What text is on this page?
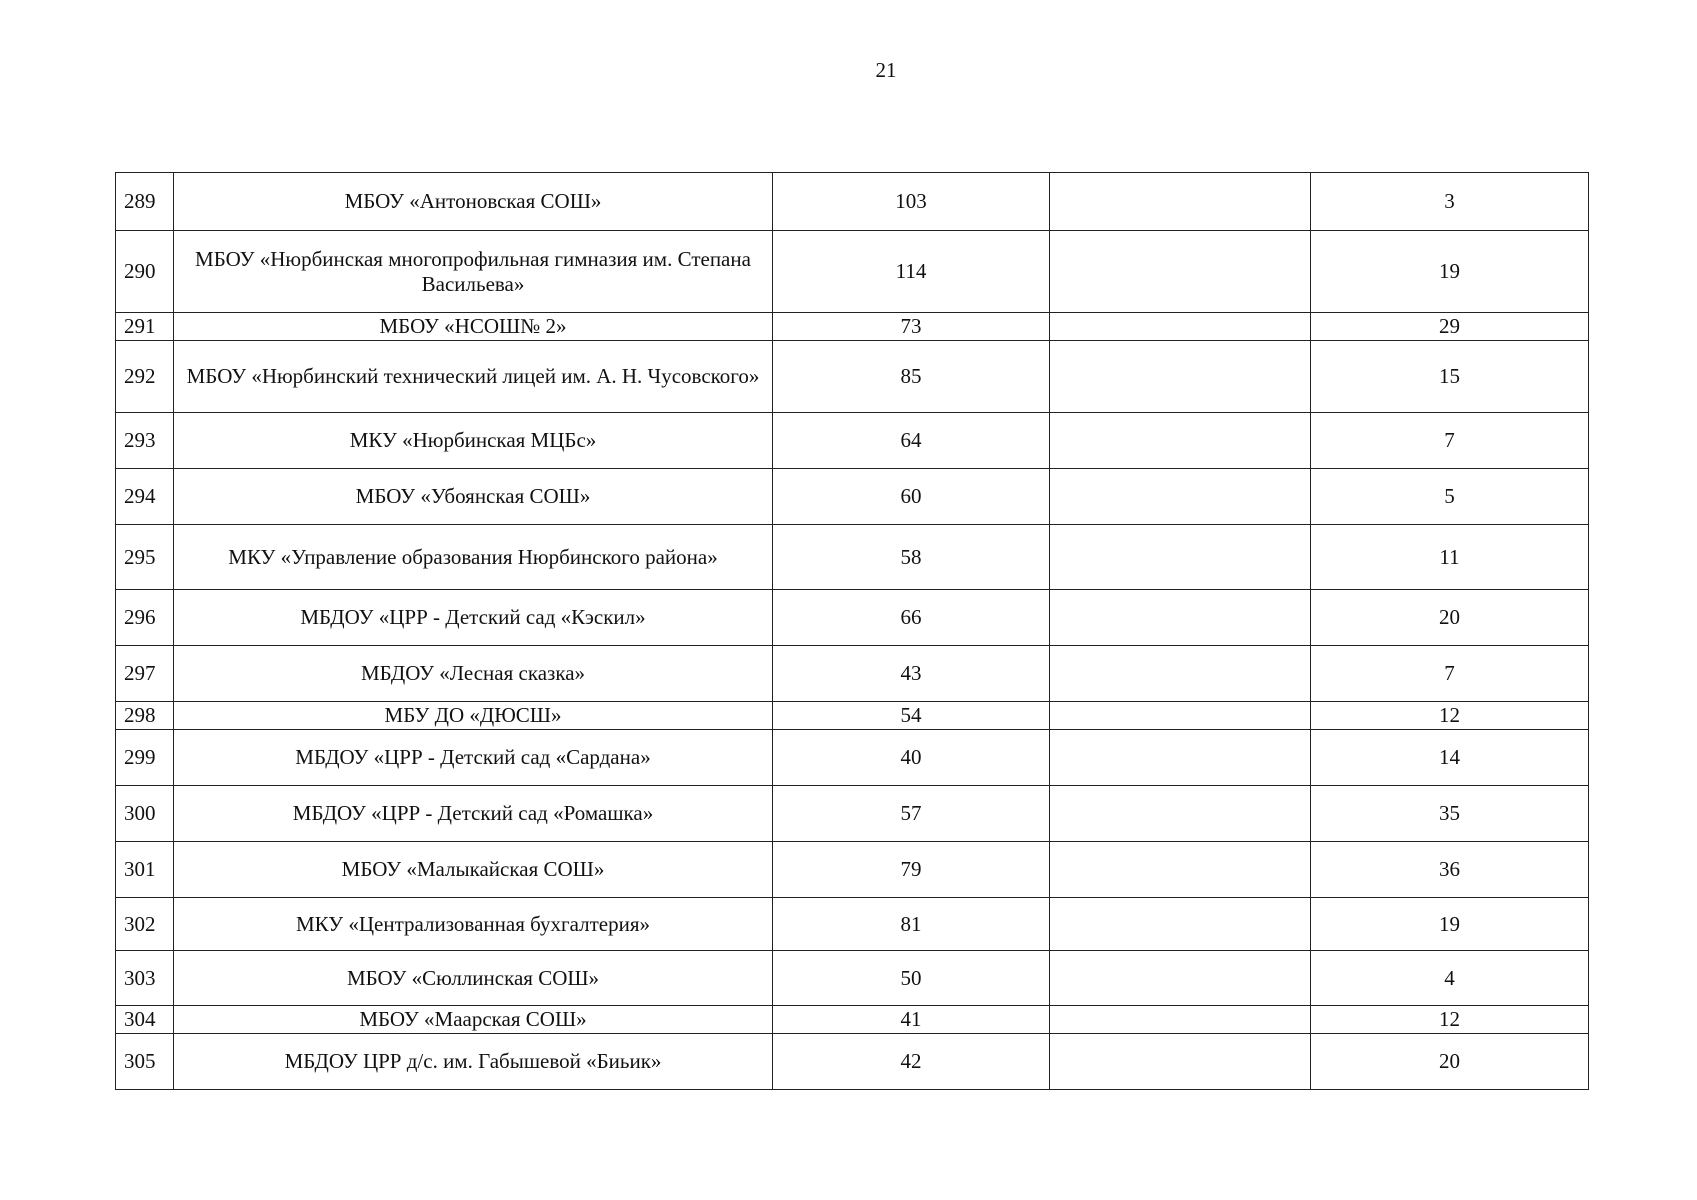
21
289	МБОУ «Антоновская СОШ»	103		3
290	МБОУ «Нюрбинская многопрофильная гимназия им. Степана Васильева»	114		19
291	МБОУ «НСОШ№ 2»	73		29
292	МБОУ «Нюрбинский технический лицей им. А. Н. Чусовского»	85		15
293	МКУ «Нюрбинская МЦБс»	64		7
294	МБОУ «Убоянская СОШ»	60		5
295	МКУ «Управление образования Нюрбинского района»	58		11
296	МБДОУ «ЦРР - Детский сад «Кэскил»	66		20
297	МБДОУ «Лесная сказка»	43		7
298	МБУ ДО «ДЮСШ»	54		12
299	МБДОУ «ЦРР - Детский сад «Сардана»	40		14
300	МБДОУ «ЦРР - Детский сад «Ромашка»	57		35
301	МБОУ «Малыкайская СОШ»	79		36
302	МКУ «Централизованная бухгалтерия»	81		19
303	МБОУ «Сюллинская СОШ»	50		4
304	МБОУ «Маарская СОШ»	41		12
305	МБДОУ ЦРР д/с. им. Габышевой «Биьик»	42		20
